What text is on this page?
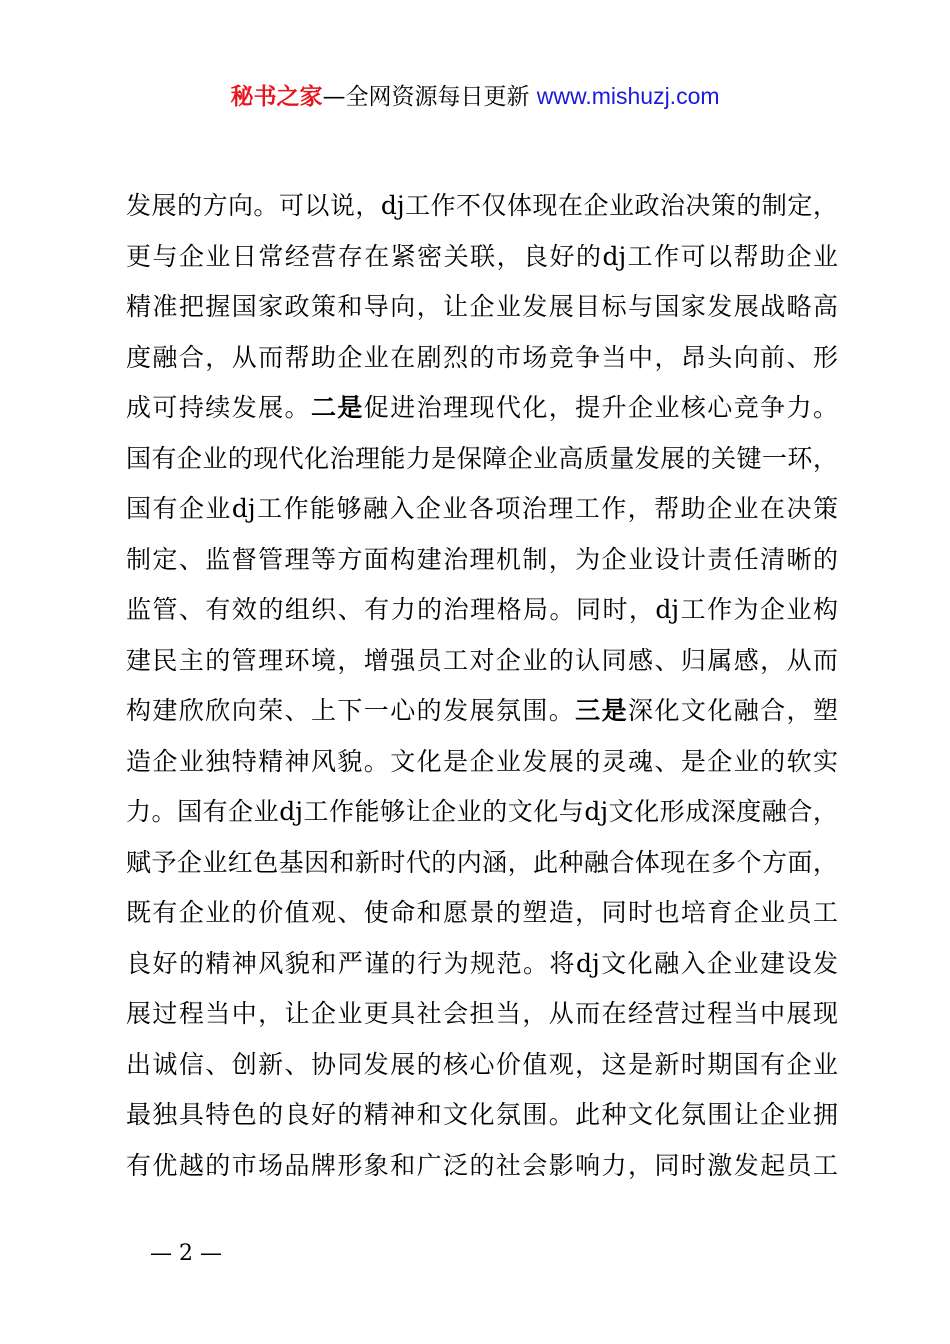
秘书之家—全网资源每日更新 www.mishuzj.com
发 展 的 方 向 。 可 以 说 ， dj 工 作 不 仅 体 现 在 企 业 政 治 决 策 的 制 定 ，
更 与 企 业 日 常 经 营 存 在 紧 密 关 联 ， 良 好 的 dj 工 作 可 以 帮 助 企 业
精 准 把 握 国 家 政 策 和 导 向 ， 让 企 业 发 展 目 标 与 国 家 发 展 战 略 高
度 融 合 ， 从 而 帮 助 企 业 在 剧 烈 的 市 场 竞 争 当 中 ， 昂 头 向 前 、 形
成 可 持 续 发 展 。 二 是 促 进 治 理 现 代 化 ， 提 升 企 业 核 心 竞 争 力 。
国 有 企 业 的 现 代 化 治 理 能 力 是 保 障 企 业 高 质 量 发 展 的 关 键 一 环 ，
国 有 企 业 dj 工 作 能 够 融 入 企 业 各 项 治 理 工 作 ， 帮 助 企 业 在 决 策
制 定 、 监 督 管 理 等 方 面 构 建 治 理 机 制 ， 为 企 业 设 计 责 任 清 晰 的
监 管 、 有 效 的 组 织 、 有 力 的 治 理 格 局 。 同 时 ， dj 工 作 为 企 业 构
建 民 主 的 管 理 环 境 ， 增 强 员 工 对 企 业 的 认 同 感 、 归 属 感 ， 从 而
构 建 欣 欣 向 荣 、 上 下 一 心 的 发 展 氛 围 。 三 是 深 化 文 化 融 合 ， 塑
造 企 业 独 特 精 神 风 貌 。 文 化 是 企 业 发 展 的 灵 魂 、 是 企 业 的 软 实
力 。 国 有 企 业 dj 工 作 能 够 让 企 业 的 文 化 与 dj 文 化 形 成 深 度 融 合 ，
赋 予 企 业 红 色 基 因 和 新 时 代 的 内 涵 ， 此 种 融 合 体 现 在 多 个 方 面 ，
既 有 企 业 的 价 值 观 、 使 命 和 愿 景 的 塑 造 ， 同 时 也 培 育 企 业 员 工
良 好 的 精 神 风 貌 和 严 谨 的 行 为 规 范 。 将 dj 文 化 融 入 企 业 建 设 发
展 过 程 当 中 ， 让 企 业 更 具 社 会 担 当 ， 从 而 在 经 营 过 程 当 中 展 现
出 诚 信 、 创 新 、 协 同 发 展 的 核 心 价 值 观 ， 这 是 新 时 期 国 有 企 业
最 独 具 特 色 的 良 好 的 精 神 和 文 化 氛 围 。 此 种 文 化 氛 围 让 企 业 拥
有 优 越 的 市 场 品 牌 形 象 和 广 泛 的 社 会 影 响 力 ， 同 时 激 发 起 员 工
— 2 —
